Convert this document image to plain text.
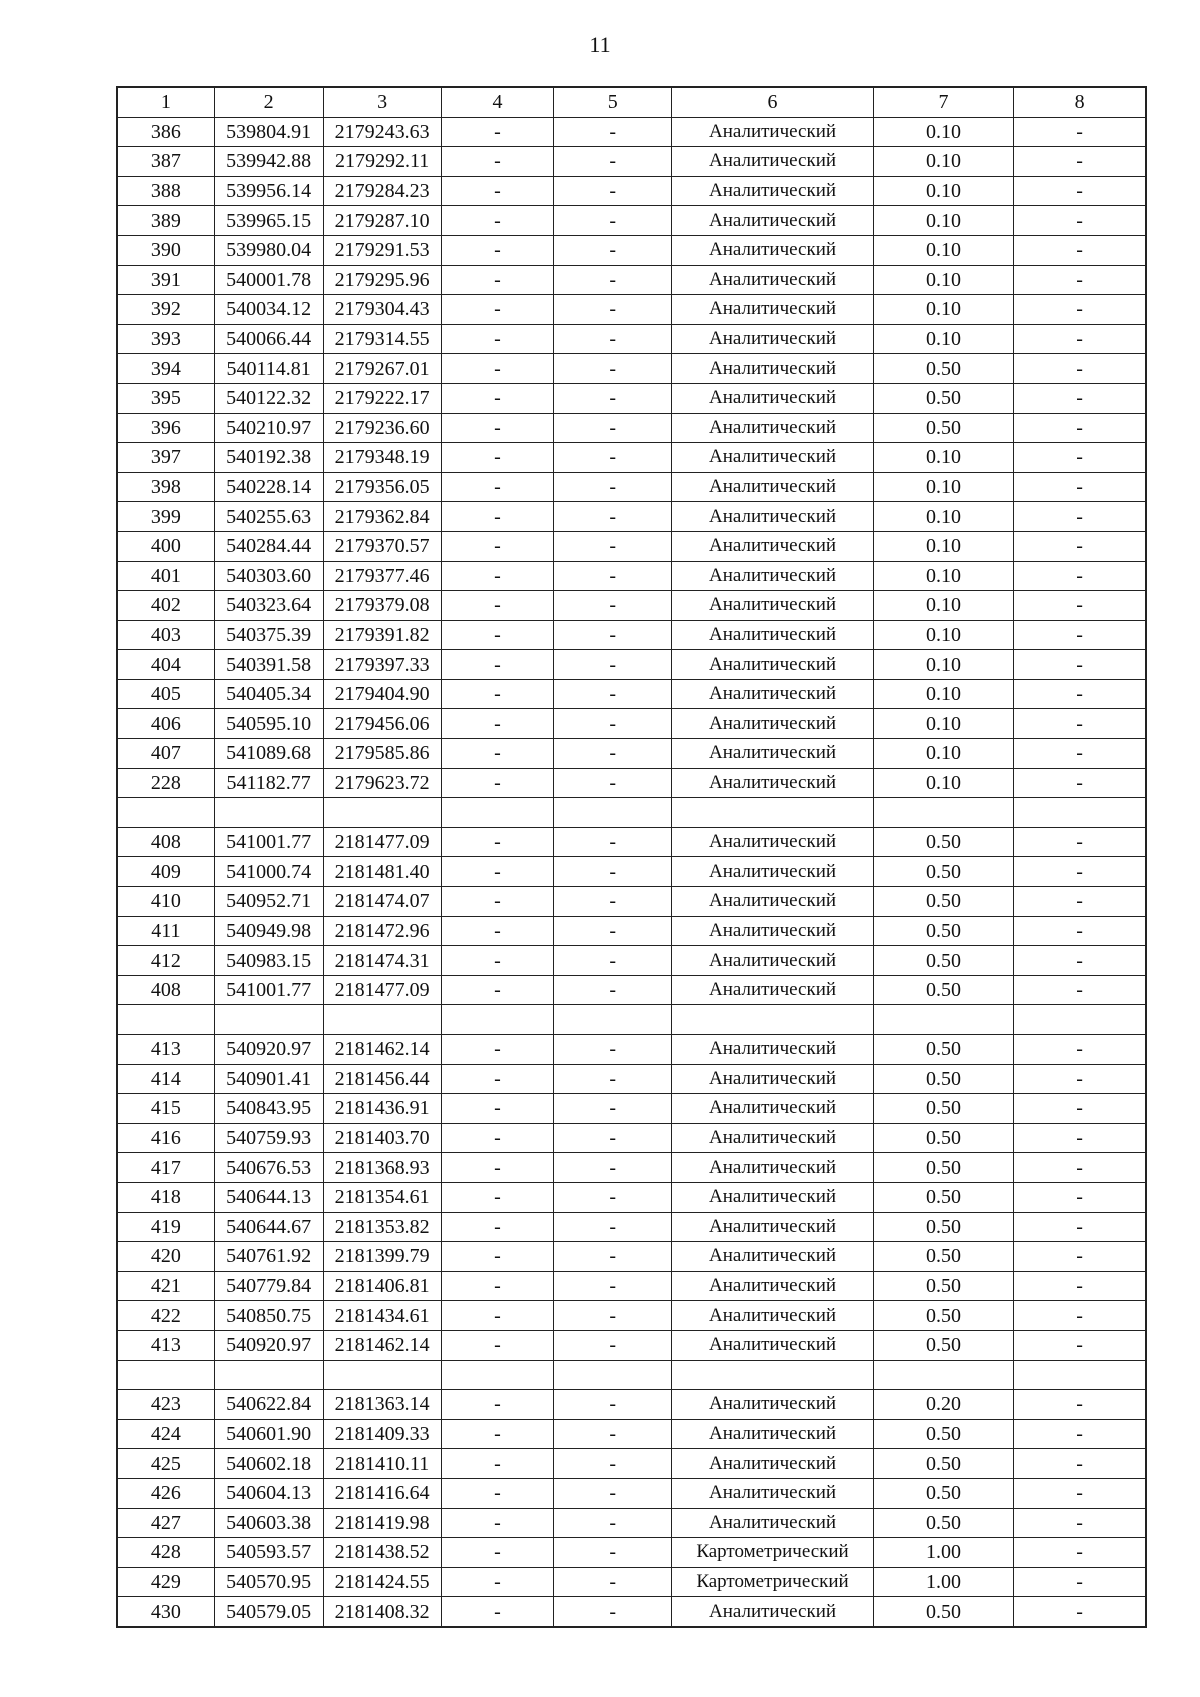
11
1	2	3	4	5	6	7	8
386	539804.91	2179243.63	-	-	Аналитический	0.10	-
387	539942.88	2179292.11	-	-	Аналитический	0.10	-
388	539956.14	2179284.23	-	-	Аналитический	0.10	-
389	539965.15	2179287.10	-	-	Аналитический	0.10	-
390	539980.04	2179291.53	-	-	Аналитический	0.10	-
391	540001.78	2179295.96	-	-	Аналитический	0.10	-
392	540034.12	2179304.43	-	-	Аналитический	0.10	-
393	540066.44	2179314.55	-	-	Аналитический	0.10	-
394	540114.81	2179267.01	-	-	Аналитический	0.50	-
395	540122.32	2179222.17	-	-	Аналитический	0.50	-
396	540210.97	2179236.60	-	-	Аналитический	0.50	-
397	540192.38	2179348.19	-	-	Аналитический	0.10	-
398	540228.14	2179356.05	-	-	Аналитический	0.10	-
399	540255.63	2179362.84	-	-	Аналитический	0.10	-
400	540284.44	2179370.57	-	-	Аналитический	0.10	-
401	540303.60	2179377.46	-	-	Аналитический	0.10	-
402	540323.64	2179379.08	-	-	Аналитический	0.10	-
403	540375.39	2179391.82	-	-	Аналитический	0.10	-
404	540391.58	2179397.33	-	-	Аналитический	0.10	-
405	540405.34	2179404.90	-	-	Аналитический	0.10	-
406	540595.10	2179456.06	-	-	Аналитический	0.10	-
407	541089.68	2179585.86	-	-	Аналитический	0.10	-
228	541182.77	2179623.72	-	-	Аналитический	0.10	-

408	541001.77	2181477.09	-	-	Аналитический	0.50	-
409	541000.74	2181481.40	-	-	Аналитический	0.50	-
410	540952.71	2181474.07	-	-	Аналитический	0.50	-
411	540949.98	2181472.96	-	-	Аналитический	0.50	-
412	540983.15	2181474.31	-	-	Аналитический	0.50	-
408	541001.77	2181477.09	-	-	Аналитический	0.50	-

413	540920.97	2181462.14	-	-	Аналитический	0.50	-
414	540901.41	2181456.44	-	-	Аналитический	0.50	-
415	540843.95	2181436.91	-	-	Аналитический	0.50	-
416	540759.93	2181403.70	-	-	Аналитический	0.50	-
417	540676.53	2181368.93	-	-	Аналитический	0.50	-
418	540644.13	2181354.61	-	-	Аналитический	0.50	-
419	540644.67	2181353.82	-	-	Аналитический	0.50	-
420	540761.92	2181399.79	-	-	Аналитический	0.50	-
421	540779.84	2181406.81	-	-	Аналитический	0.50	-
422	540850.75	2181434.61	-	-	Аналитический	0.50	-
413	540920.97	2181462.14	-	-	Аналитический	0.50	-

423	540622.84	2181363.14	-	-	Аналитический	0.20	-
424	540601.90	2181409.33	-	-	Аналитический	0.50	-
425	540602.18	2181410.11	-	-	Аналитический	0.50	-
426	540604.13	2181416.64	-	-	Аналитический	0.50	-
427	540603.38	2181419.98	-	-	Аналитический	0.50	-
428	540593.57	2181438.52	-	-	Картометрический	1.00	-
429	540570.95	2181424.55	-	-	Картометрический	1.00	-
430	540579.05	2181408.32	-	-	Аналитический	0.50	-
